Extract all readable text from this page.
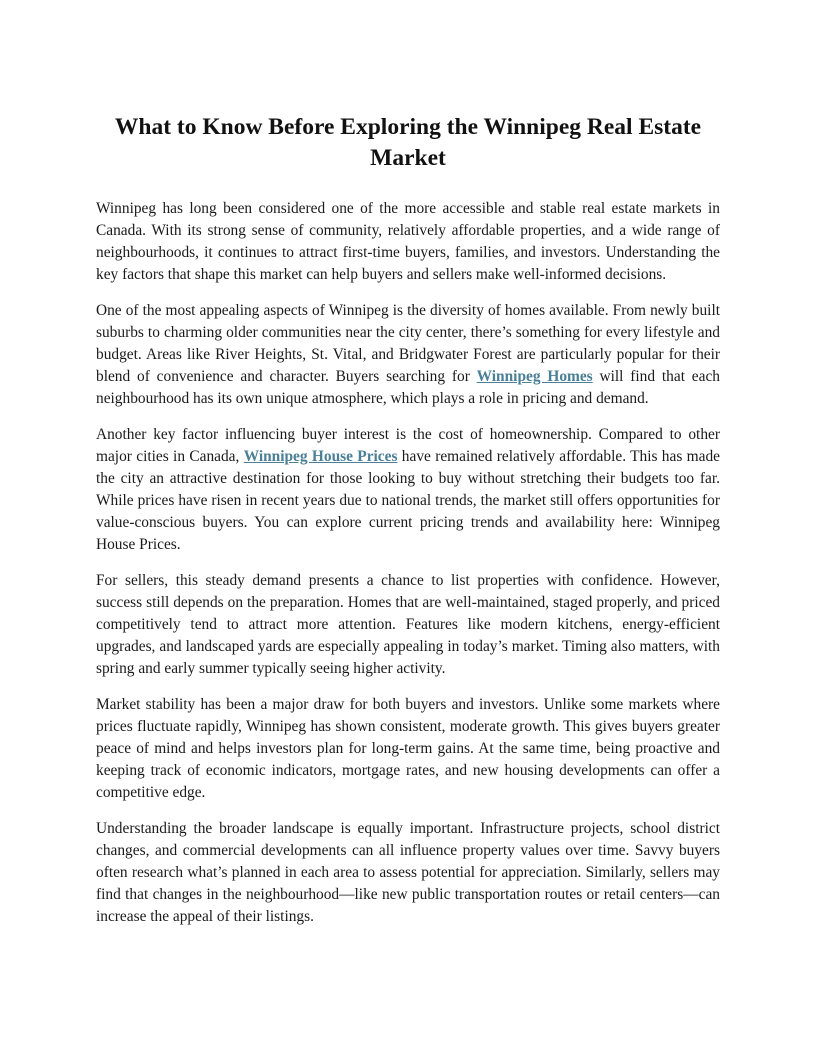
What to Know Before Exploring the Winnipeg Real Estate Market

Winnipeg has long been considered one of the more accessible and stable real estate markets in Canada. With its strong sense of community, relatively affordable properties, and a wide range of neighbourhoods, it continues to attract first-time buyers, families, and investors. Understanding the key factors that shape this market can help buyers and sellers make well-informed decisions.

One of the most appealing aspects of Winnipeg is the diversity of homes available. From newly built suburbs to charming older communities near the city center, there’s something for every lifestyle and budget. Areas like River Heights, St. Vital, and Bridgwater Forest are particularly popular for their blend of convenience and character. Buyers searching for Winnipeg Homes will find that each neighbourhood has its own unique atmosphere, which plays a role in pricing and demand.

Another key factor influencing buyer interest is the cost of homeownership. Compared to other major cities in Canada, Winnipeg House Prices have remained relatively affordable. This has made the city an attractive destination for those looking to buy without stretching their budgets too far. While prices have risen in recent years due to national trends, the market still offers opportunities for value-conscious buyers. You can explore current pricing trends and availability here: Winnipeg House Prices.

For sellers, this steady demand presents a chance to list properties with confidence. However, success still depends on the preparation. Homes that are well-maintained, staged properly, and priced competitively tend to attract more attention. Features like modern kitchens, energy-efficient upgrades, and landscaped yards are especially appealing in today’s market. Timing also matters, with spring and early summer typically seeing higher activity.

Market stability has been a major draw for both buyers and investors. Unlike some markets where prices fluctuate rapidly, Winnipeg has shown consistent, moderate growth. This gives buyers greater peace of mind and helps investors plan for long-term gains. At the same time, being proactive and keeping track of economic indicators, mortgage rates, and new housing developments can offer a competitive edge.

Understanding the broader landscape is equally important. Infrastructure projects, school district changes, and commercial developments can all influence property values over time. Savvy buyers often research what’s planned in each area to assess potential for appreciation. Similarly, sellers may find that changes in the neighbourhood—like new public transportation routes or retail centers—can increase the appeal of their listings.
